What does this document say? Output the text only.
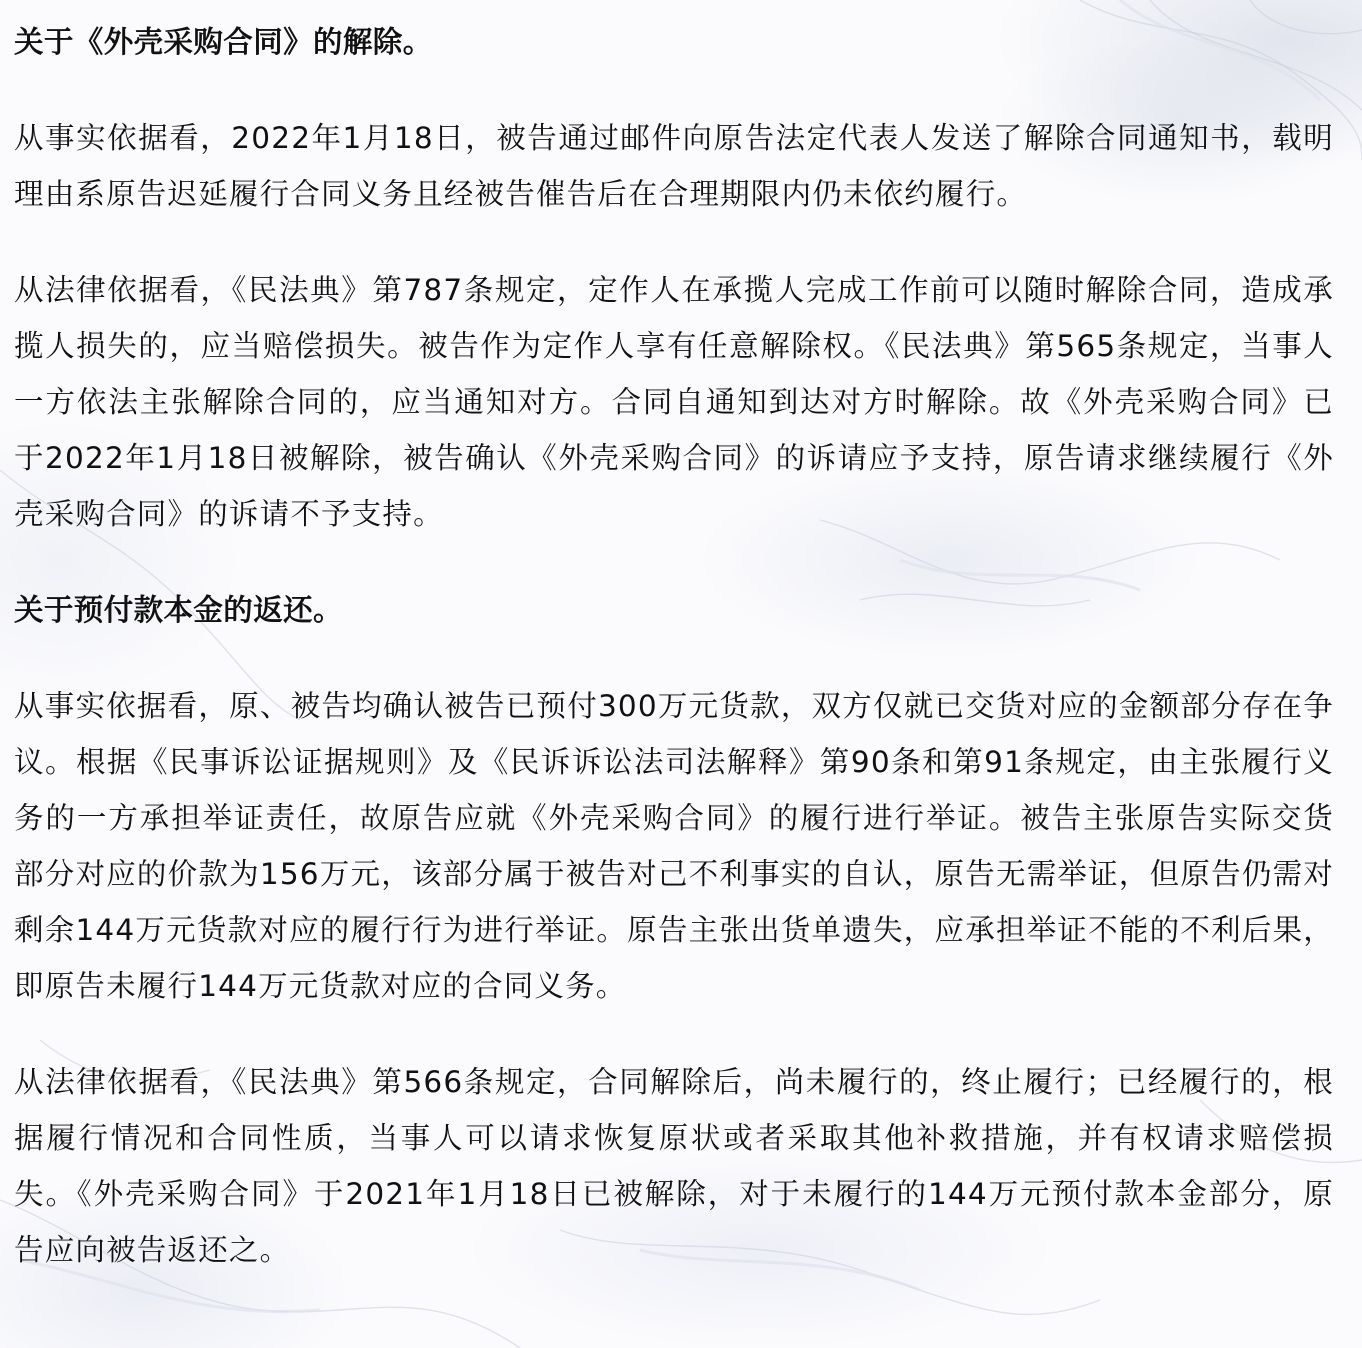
关于《外壳采购合同》的解除。

从事实依据看，2022年1月18日，被告通过邮件向原告法定代表人发送了解除合同通知书，载明理由系原告迟延履行合同义务且经被告催告后在合理期限内仍未依约履行。

从法律依据看，《民法典》第787条规定，定作人在承揽人完成工作前可以随时解除合同，造成承揽人损失的，应当赔偿损失。被告作为定作人享有任意解除权。《民法典》第565条规定，当事人一方依法主张解除合同的，应当通知对方。合同自通知到达对方时解除。故《外壳采购合同》已于2022年1月18日被解除，被告确认《外壳采购合同》的诉请应予支持，原告请求继续履行《外壳采购合同》的诉请不予支持。

关于预付款本金的返还。

从事实依据看，原、被告均确认被告已预付300万元货款，双方仅就已交货对应的金额部分存在争议。根据《民事诉讼证据规则》及《民诉诉讼法司法解释》第90条和第91条规定，由主张履行义务的一方承担举证责任，故原告应就《外壳采购合同》的履行进行举证。被告主张原告实际交货部分对应的价款为156万元，该部分属于被告对己不利事实的自认，原告无需举证，但原告仍需对剩余144万元货款对应的履行行为进行举证。原告主张出货单遗失，应承担举证不能的不利后果，即原告未履行144万元货款对应的合同义务。

从法律依据看，《民法典》第566条规定，合同解除后，尚未履行的，终止履行；已经履行的，根据履行情况和合同性质，当事人可以请求恢复原状或者采取其他补救措施，并有权请求赔偿损失。《外壳采购合同》于2021年1月18日已被解除，对于未履行的144万元预付款本金部分，原告应向被告返还之。
